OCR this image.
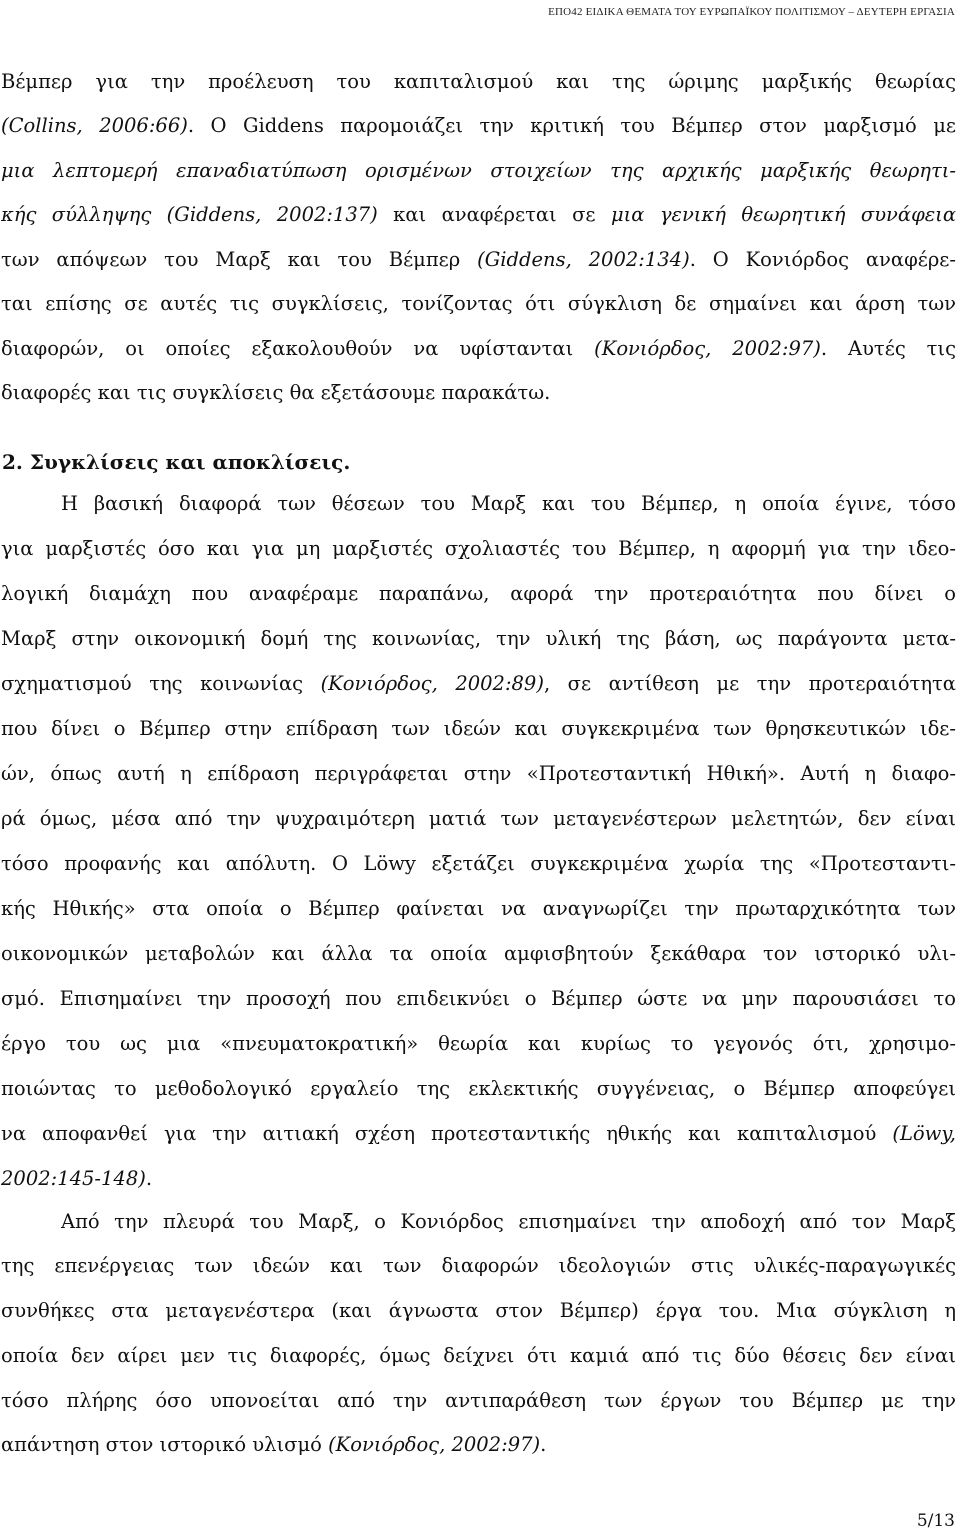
ΕΠΟ42 ΕΙΔΙΚΑ ΘΕΜΑΤΑ ΤΟΥ ΕΥΡΩΠΑΪΚΟΥ ΠΟΛΙΤΙΣΜΟΥ – ΔΕΥΤΕΡΗ ΕΡΓΑΣΙΑ
Βέμπερ για την προέλευση του καπιταλισμού και της ώριμης μαρξικής θεωρίας
(Collins, 2006:66). Ο Giddens παρομοιάζει την κριτική του Βέμπερ στον μαρξισμό με
μια λεπτομερή επαναδιατύπωση ορισμένων στοιχείων της αρχικής μαρξικής θεωρητι-
κής σύλληψης (Giddens, 2002:137) και αναφέρεται σε μια γενική θεωρητική συνάφεια
των απόψεων του Μαρξ και του Βέμπερ (Giddens, 2002:134). Ο Κονιόρδος αναφέρε-
ται επίσης σε αυτές τις συγκλίσεις, τονίζοντας ότι σύγκλιση δε σημαίνει και άρση των
διαφορών, οι οποίες εξακολουθούν να υφίστανται (Κονιόρδος, 2002:97). Αυτές τις
διαφορές και τις συγκλίσεις θα εξετάσουμε παρακάτω.
2. Συγκλίσεις και αποκλίσεις.
Η βασική διαφορά των θέσεων του Μαρξ και του Βέμπερ, η οποία έγινε, τόσο
για μαρξιστές όσο και για μη μαρξιστές σχολιαστές του Βέμπερ, η αφορμή για την ιδεο-
λογική διαμάχη που αναφέραμε παραπάνω, αφορά την προτεραιότητα που δίνει ο
Μαρξ στην οικονομική δομή της κοινωνίας, την υλική της βάση, ως παράγοντα μετα-
σχηματισμού της κοινωνίας (Κονιόρδος, 2002:89), σε αντίθεση με την προτεραιότητα
που δίνει ο Βέμπερ στην επίδραση των ιδεών και συγκεκριμένα των θρησκευτικών ιδε-
ών, όπως αυτή η επίδραση περιγράφεται στην «Προτεσταντική Ηθική». Αυτή η διαφο-
ρά όμως, μέσα από την ψυχραιμότερη ματιά των μεταγενέστερων μελετητών, δεν είναι
τόσο προφανής και απόλυτη. Ο Löwy εξετάζει συγκεκριμένα χωρία της «Προτεσταντι-
κής Ηθικής» στα οποία ο Βέμπερ φαίνεται να αναγνωρίζει την πρωταρχικότητα των
οικονομικών μεταβολών και άλλα τα οποία αμφισβητούν ξεκάθαρα τον ιστορικό υλι-
σμό. Επισημαίνει την προσοχή που επιδεικνύει ο Βέμπερ ώστε να μην παρουσιάσει το
έργο του ως μια «πνευματοκρατική» θεωρία και κυρίως το γεγονός ότι, χρησιμο-
ποιώντας το μεθοδολογικό εργαλείο της εκλεκτικής συγγένειας, ο Βέμπερ αποφεύγει
να αποφανθεί για την αιτιακή σχέση προτεσταντικής ηθικής και καπιταλισμού (Löwy,
2002:145-148).
Από την πλευρά του Μαρξ, ο Κονιόρδος επισημαίνει την αποδοχή από τον Μαρξ
της επενέργειας των ιδεών και των διαφορών ιδεολογιών στις υλικές-παραγωγικές
συνθήκες στα μεταγενέστερα (και άγνωστα στον Βέμπερ) έργα του. Μια σύγκλιση η
οποία δεν αίρει μεν τις διαφορές, όμως δείχνει ότι καμιά από τις δύο θέσεις δεν είναι
τόσο πλήρης όσο υπονοείται από την αντιπαράθεση των έργων του Βέμπερ με την
απάντηση στον ιστορικό υλισμό (Κονιόρδος, 2002:97).
5/13
